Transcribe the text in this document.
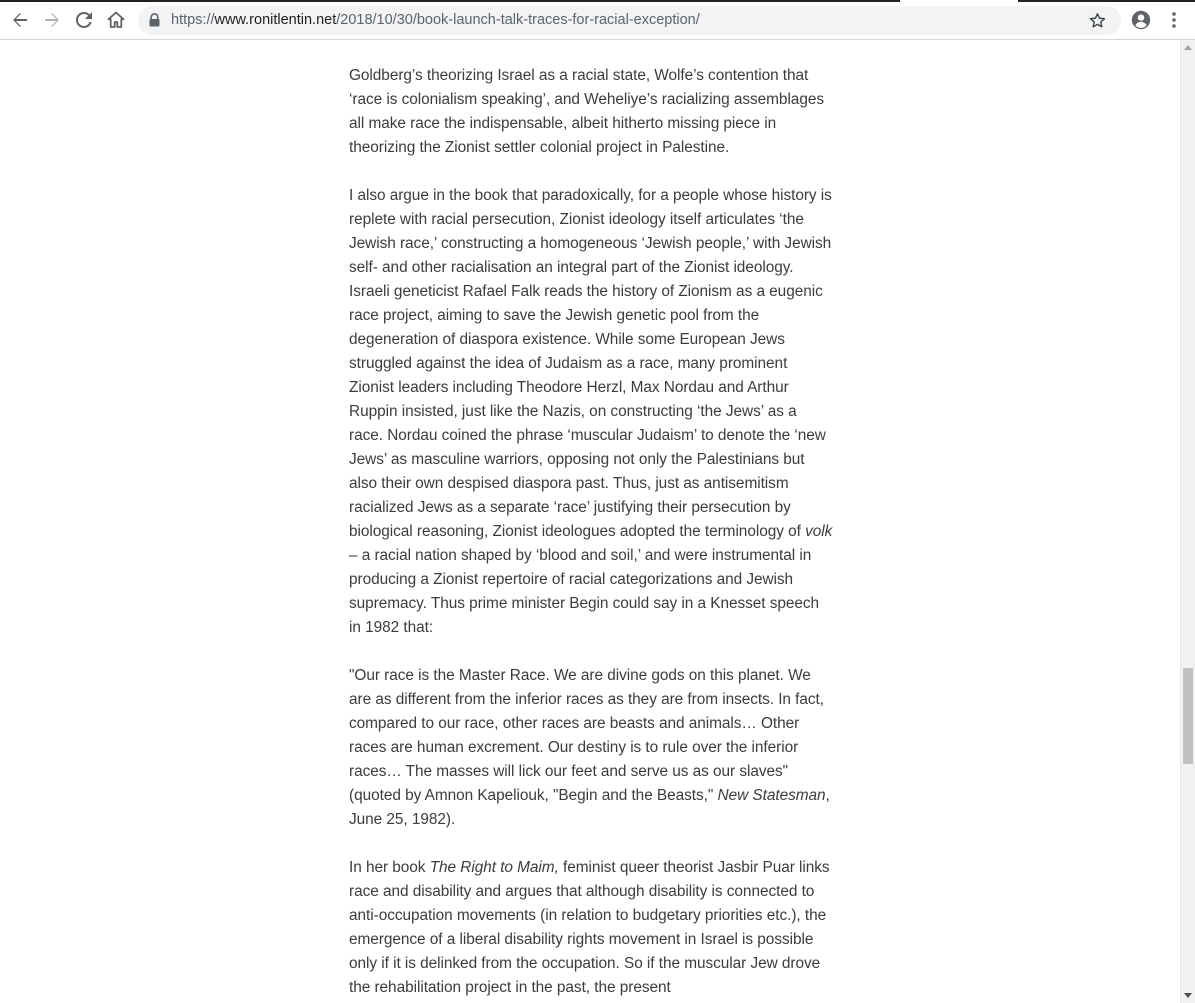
https://www.ronitlentin.net/2018/10/30/book-launch-talk-traces-for-racial-exception/

Goldberg’s theorizing Israel as a racial state, Wolfe’s contention that ‘race is colonialism speaking’, and Weheliye’s racializing assemblages all make race the indispensable, albeit hitherto missing piece in theorizing the Zionist settler colonial project in Palestine.

I also argue in the book that paradoxically, for a people whose history is replete with racial persecution, Zionist ideology itself articulates ‘the Jewish race,’ constructing a homogeneous ‘Jewish people,’ with Jewish self- and other racialisation an integral part of the Zionist ideology. Israeli geneticist Rafael Falk reads the history of Zionism as a eugenic race project, aiming to save the Jewish genetic pool from the degeneration of diaspora existence. While some European Jews struggled against the idea of Judaism as a race, many prominent Zionist leaders including Theodore Herzl, Max Nordau and Arthur Ruppin insisted, just like the Nazis, on constructing ‘the Jews’ as a race. Nordau coined the phrase ‘muscular Judaism’ to denote the ‘new Jews’ as masculine warriors, opposing not only the Palestinians but also their own despised diaspora past. Thus, just as antisemitism racialized Jews as a separate ‘race’ justifying their persecution by biological reasoning, Zionist ideologues adopted the terminology of volk – a racial nation shaped by ‘blood and soil,’ and were instrumental in producing a Zionist repertoire of racial categorizations and Jewish supremacy. Thus prime minister Begin could say in a Knesset speech in 1982 that:

"Our race is the Master Race. We are divine gods on this planet. We are as different from the inferior races as they are from insects. In fact, compared to our race, other races are beasts and animals… Other races are human excrement. Our destiny is to rule over the inferior races… The masses will lick our feet and serve us as our slaves" (quoted by Amnon Kapeliouk, "Begin and the Beasts," New Statesman, June 25, 1982).

In her book The Right to Maim, feminist queer theorist Jasbir Puar links race and disability and argues that although disability is connected to anti-occupation movements (in relation to budgetary priorities etc.), the emergence of a liberal disability rights movement in Israel is possible only if it is delinked from the occupation. So if the muscular Jew drove the rehabilitation project in the past, the present
